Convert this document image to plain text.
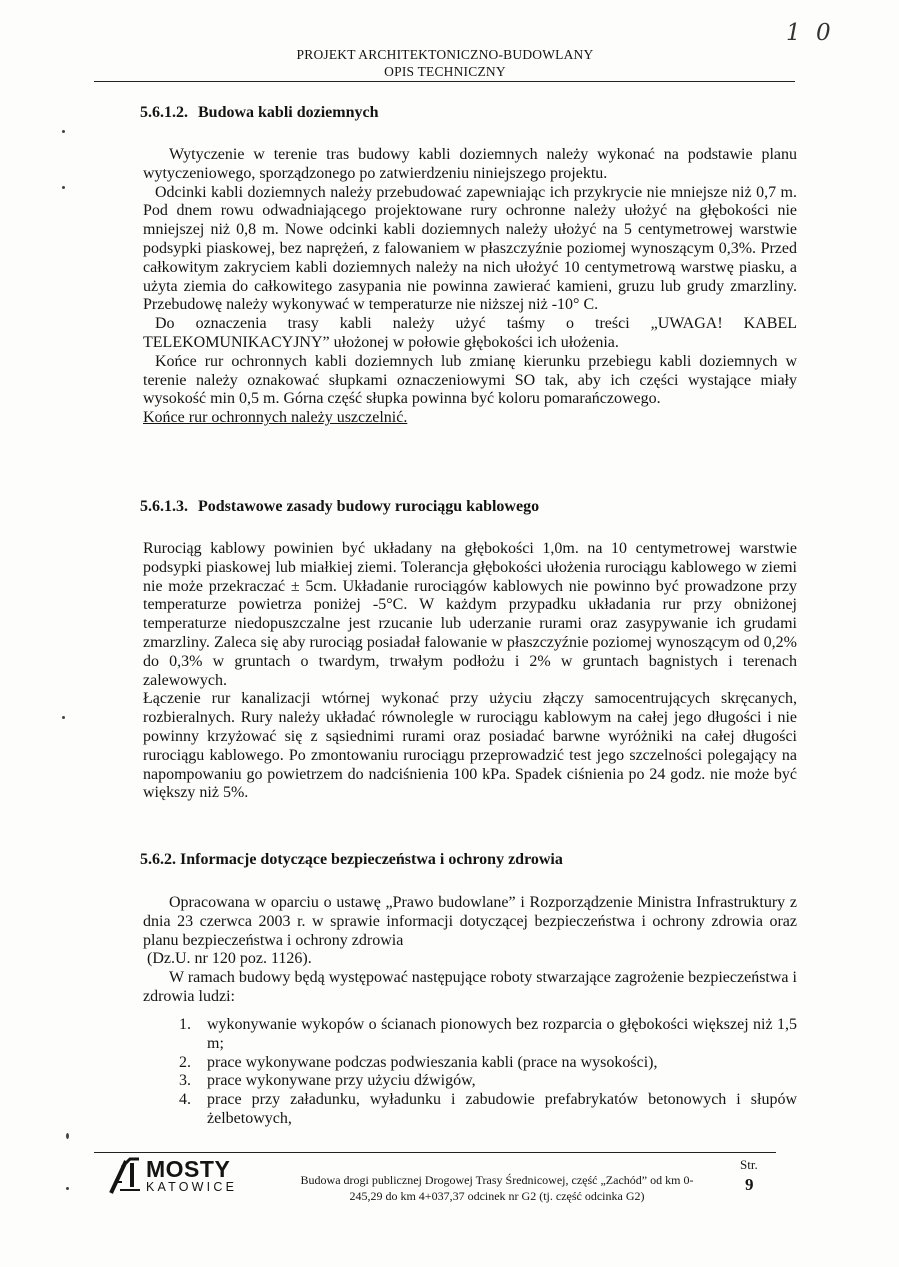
1 0
PROJEKT ARCHITEKTONICZNO-BUDOWLANY
OPIS TECHNICZNY
5.6.1.2. Budowa kabli doziemnych
Wytyczenie w terenie tras budowy kabli doziemnych należy wykonać na podstawie planu wytyczeniowego, sporządzonego po zatwierdzeniu niniejszego projektu.
Odcinki kabli doziemnych należy przebudować zapewniając ich przykrycie nie mniejsze niż 0,7 m. Pod dnem rowu odwadniającego projektowane rury ochronne należy ułożyć na głębokości nie mniejszej niż 0,8 m. Nowe odcinki kabli doziemnych należy ułożyć na 5 centymetrowej warstwie podsypki piaskowej, bez naprężeń, z falowaniem w płaszczyźnie poziomej wynoszącym 0,3%. Przed całkowitym zakryciem kabli doziemnych należy na nich ułożyć 10 centymetrową warstwę piasku, a użyta ziemia do całkowitego zasypania nie powinna zawierać kamieni, gruzu lub grudy zmarzliny. Przebudowę należy wykonywać w temperaturze nie niższej niż -10° C.
Do oznaczenia trasy kabli należy użyć taśmy o treści „UWAGA! KABEL TELEKOMUNIKACYJNY” ułożonej w połowie głębokości ich ułożenia.
Końce rur ochronnych kabli doziemnych lub zmianę kierunku przebiegu kabli doziemnych w terenie należy oznakować słupkami oznaczeniowymi SO tak, aby ich części wystające miały wysokość min 0,5 m. Górna część słupka powinna być koloru pomarańczowego.
Końce rur ochronnych należy uszczelnić.
5.6.1.3. Podstawowe zasady budowy rurociągu kablowego
Rurociąg kablowy powinien być układany na głębokości 1,0m. na 10 centymetrowej warstwie podsypki piaskowej lub miałkiej ziemi. Tolerancja głębokości ułożenia rurociągu kablowego w ziemi nie może przekraczać ± 5cm. Układanie rurociągów kablowych nie powinno być prowadzone przy temperaturze powietrza poniżej -5°C. W każdym przypadku układania rur przy obniżonej temperaturze niedopuszczalne jest rzucanie lub uderzanie rurami oraz zasypywanie ich grudami zmarzliny. Zaleca się aby rurociąg posiadał falowanie w płaszczyźnie poziomej wynoszącym od 0,2% do 0,3% w gruntach o twardym, trwałym podłożu i 2% w gruntach bagnistych i terenach zalewowych.
Łączenie rur kanalizacji wtórnej wykonać przy użyciu złączy samocentrujących skręcanych, rozbieralnych. Rury należy układać równolegle w rurociągu kablowym na całej jego długości i nie powinny krzyżować się z sąsiednimi rurami oraz posiadać barwne wyróżniki na całej długości rurociągu kablowego. Po zmontowaniu rurociągu przeprowadzić test jego szczelności polegający na napompowaniu go powietrzem do nadciśnienia 100 kPa. Spadek ciśnienia po 24 godz. nie może być większy niż 5%.
5.6.2. Informacje dotyczące bezpieczeństwa i ochrony zdrowia
Opracowana w oparciu o ustawę „Prawo budowlane” i Rozporządzenie Ministra Infrastruktury z dnia 23 czerwca 2003 r. w sprawie informacji dotyczącej bezpieczeństwa i ochrony zdrowia oraz planu bezpieczeństwa i ochrony zdrowia
(Dz.U. nr 120 poz. 1126).
W ramach budowy będą występować następujące roboty stwarzające zagrożenie bezpieczeństwa i zdrowia ludzi:
1. wykonywanie wykopów o ścianach pionowych bez rozparcia o głębokości większej niż 1,5 m;
2. prace wykonywane podczas podwieszania kabli (prace na wysokości),
3. prace wykonywane przy użyciu dźwigów,
4. prace przy załadunku, wyładunku i zabudowie prefabrykatów betonowych i słupów żelbetowych,
MOSTY
KATOWICE	Budowa drogi publicznej Drogowej Trasy Średnicowej, część „Zachód” od km 0-
245,29 do km 4+037,37 odcinek nr G2 (tj. część odcinka G2)
Str.
9
